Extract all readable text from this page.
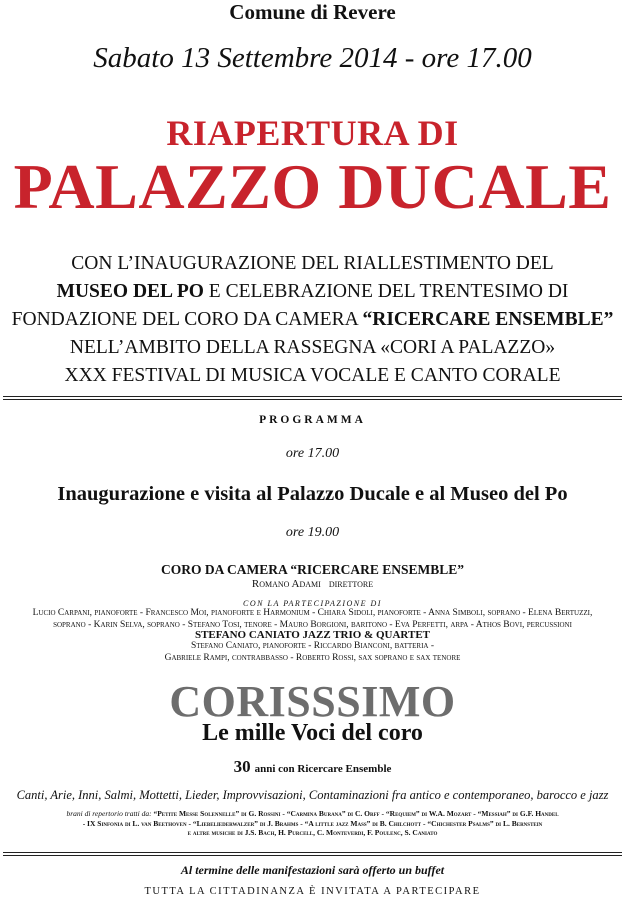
Comune di Revere
Sabato 13 Settembre 2014 - ore 17.00
RIAPERTURA DI
PALAZZO DUCALE
CON L’INAUGURAZIONE DEL RIALLESTIMENTO DEL
MUSEO DEL PO E CELEBRAZIONE DEL TRENTESIMO DI
FONDAZIONE DEL CORO DA CAMERA “RICERCARE ENSEMBLE”
NELL’AMBITO DELLA RASSEGNA «CORI A PALAZZO»
XXX FESTIVAL DI MUSICA VOCALE E CANTO CORALE
PROGRAMMA
ore 17.00
Inaugurazione e visita al Palazzo Ducale e al Museo del Po
ore 19.00
CORO DA CAMERA “RICERCARE ENSEMBLE”
Romano Adami DIRETTORE
CON LA PARTECIPAZIONE DI
Lucio Carpani, pianoforte - Francesco Moi, pianoforte e Harmonium - Chiara Sidoli, pianoforte - Anna Simboli, soprano - Elena Bertuzzi,
soprano - Karin Selva, soprano - Stefano Tosi, tenore - Mauro Borgioni, baritono - Eva Perfetti, arpa - Athos Bovi, percussioni
STEFANO CANIATO JAZZ TRIO & QUARTET
Stefano Caniato, pianoforte - Riccardo Bianconi, batteria -
Gabriele Rampi, contrabbasso - Roberto Rossi, sax soprano e sax tenore
CORISSSIMO
Le mille Voci del coro
30 anni con Ricercare Ensemble
Canti, Arie, Inni, Salmi, Mottetti, Lieder, Improvvisazioni, Contaminazioni fra antico e contemporaneo, barocco e jazz
brani di repertorio tratti da: “Petite Messe Solennelle” di G. Rossini - “Carmina Burana” di C. Orff - “Requiem” di W.A. Mozart - “Messiah” di G.F. Handel
- IX Sinfonia di L. van Beethoven - “Liebeliederwalzer” di J. Brahms - “A little jazz Mass” di B. Chilchott - “Chichester Psalms” di L. Bernstein
e altre musiche di J.S. Bach, H. Purcell, C. Monteverdi, F. Poulenc, S. Caniato
Al termine delle manifestazioni sarà offerto un buffet
TUTTA LA CITTADINANZA È INVITATA A PARTECIPARE
